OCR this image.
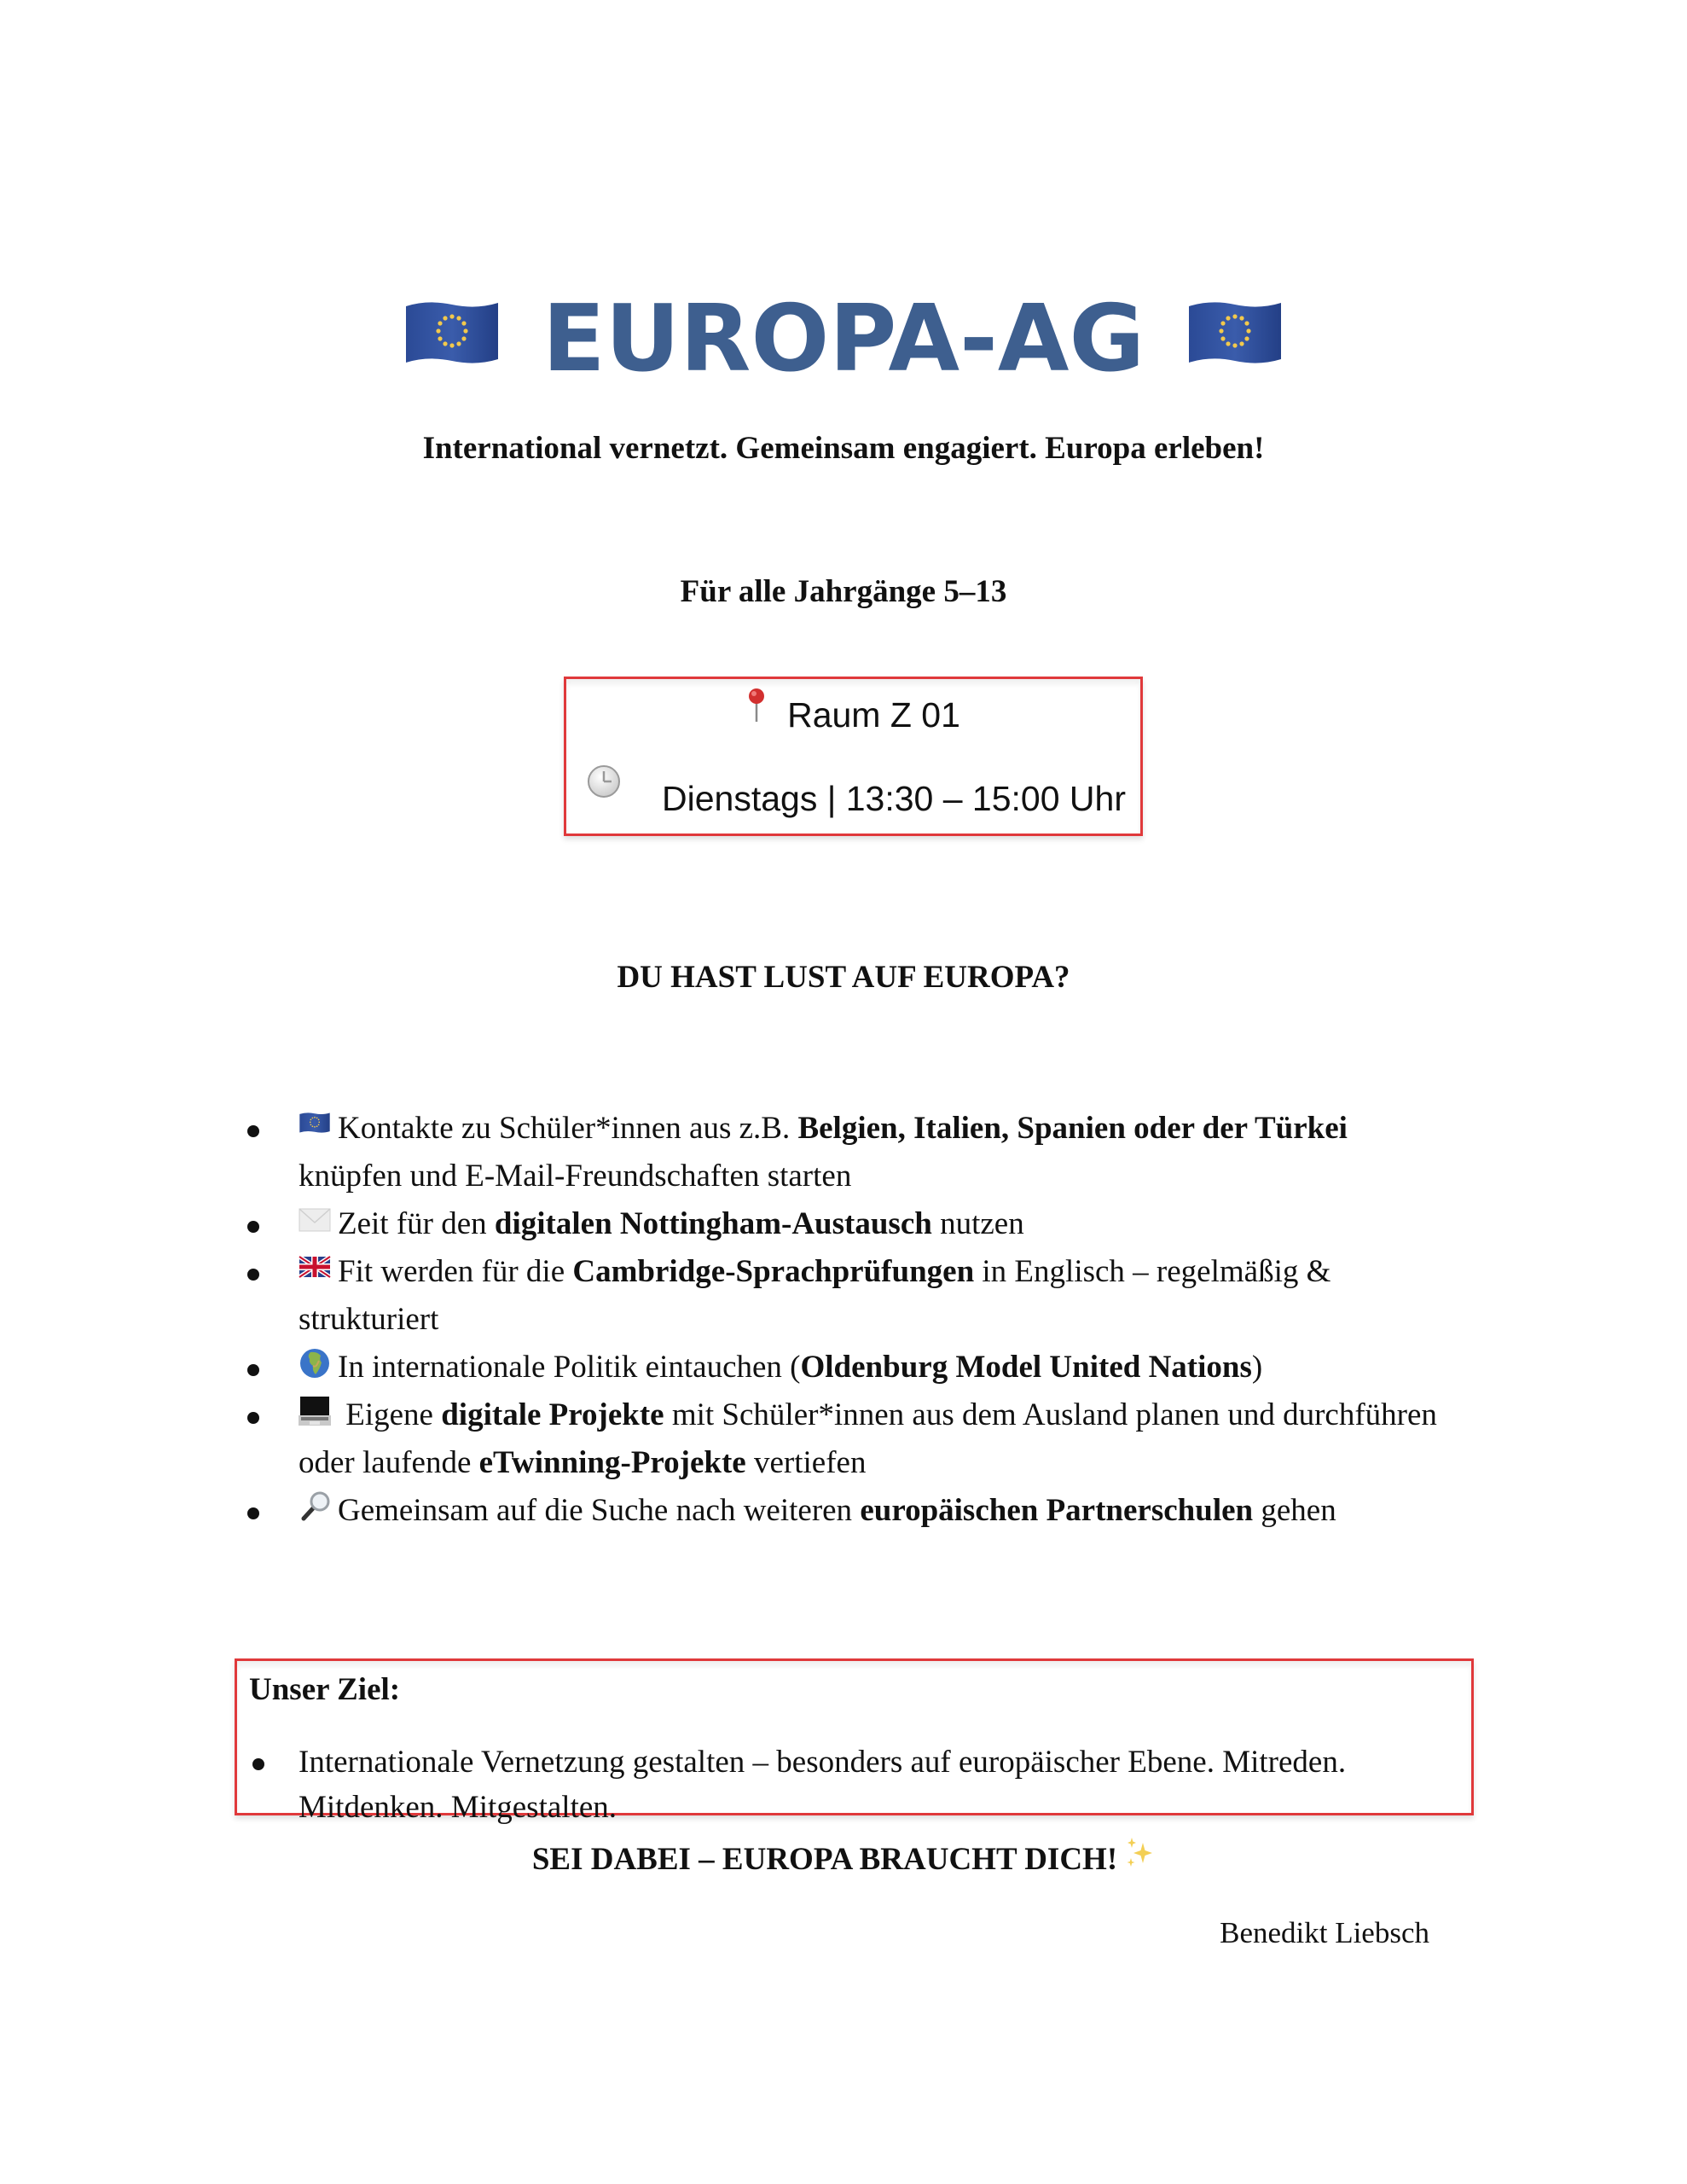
EUROPA-AG
International vernetzt. Gemeinsam engagiert. Europa erleben!
Für alle Jahrgänge 5–13
Raum Z 01
Dienstags | 13:30 – 15:00 Uhr
DU HAST LUST AUF EUROPA?
Kontakte zu Schüler*innen aus z.B. Belgien, Italien, Spanien oder der Türkei knüpfen und E-Mail-Freundschaften starten
Zeit für den digitalen Nottingham-Austausch nutzen
Fit werden für die Cambridge-Sprachprüfungen in Englisch – regelmäßig & strukturiert
In internationale Politik eintauchen (Oldenburg Model United Nations)
Eigene digitale Projekte mit Schüler*innen aus dem Ausland planen und durchführen oder laufende eTwinning-Projekte vertiefen
Gemeinsam auf die Suche nach weiteren europäischen Partnerschulen gehen
Unser Ziel:
Internationale Vernetzung gestalten – besonders auf europäischer Ebene. Mitreden. Mitdenken. Mitgestalten.
SEI DABEI – EUROPA BRAUCHT DICH!
Benedikt Liebsch
